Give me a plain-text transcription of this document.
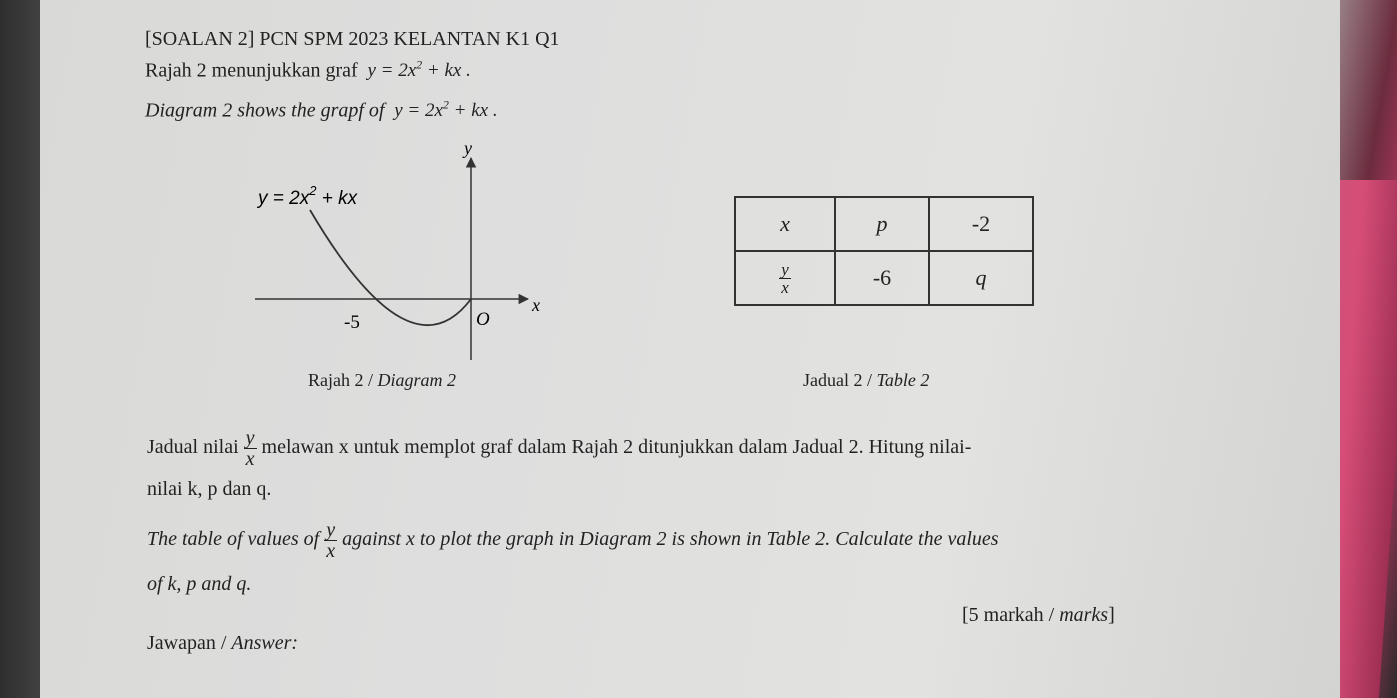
[SOALAN 2] PCN SPM 2023 KELANTAN K1 Q1
Rajah 2 menunjukkan graf $y = 2x^2$ + kx .
Diagram 2 shows the grapf of $y = 2x^2$ + kx .
y
x
-5	O
$y = 2x^2$ + kx
Rajah 2 / Diagram 2
x	p	-2

$\frac{y}{x}$	-6	q
Jadual 2 / Table 2
Jadual nilai $\frac{y}{x}$ melawan x untuk memplot graf dalam Rajah 2 ditunjukkan dalam Jadual 2. Hitung nilai-
nilai k, p dan q.
The table of values of $\frac{y}{x}$ against x to plot the graph in Diagram 2 is shown in Table 2. Calculate the values
of k, p and q.
[5 markah / marks]
Jawapan / Answer:
